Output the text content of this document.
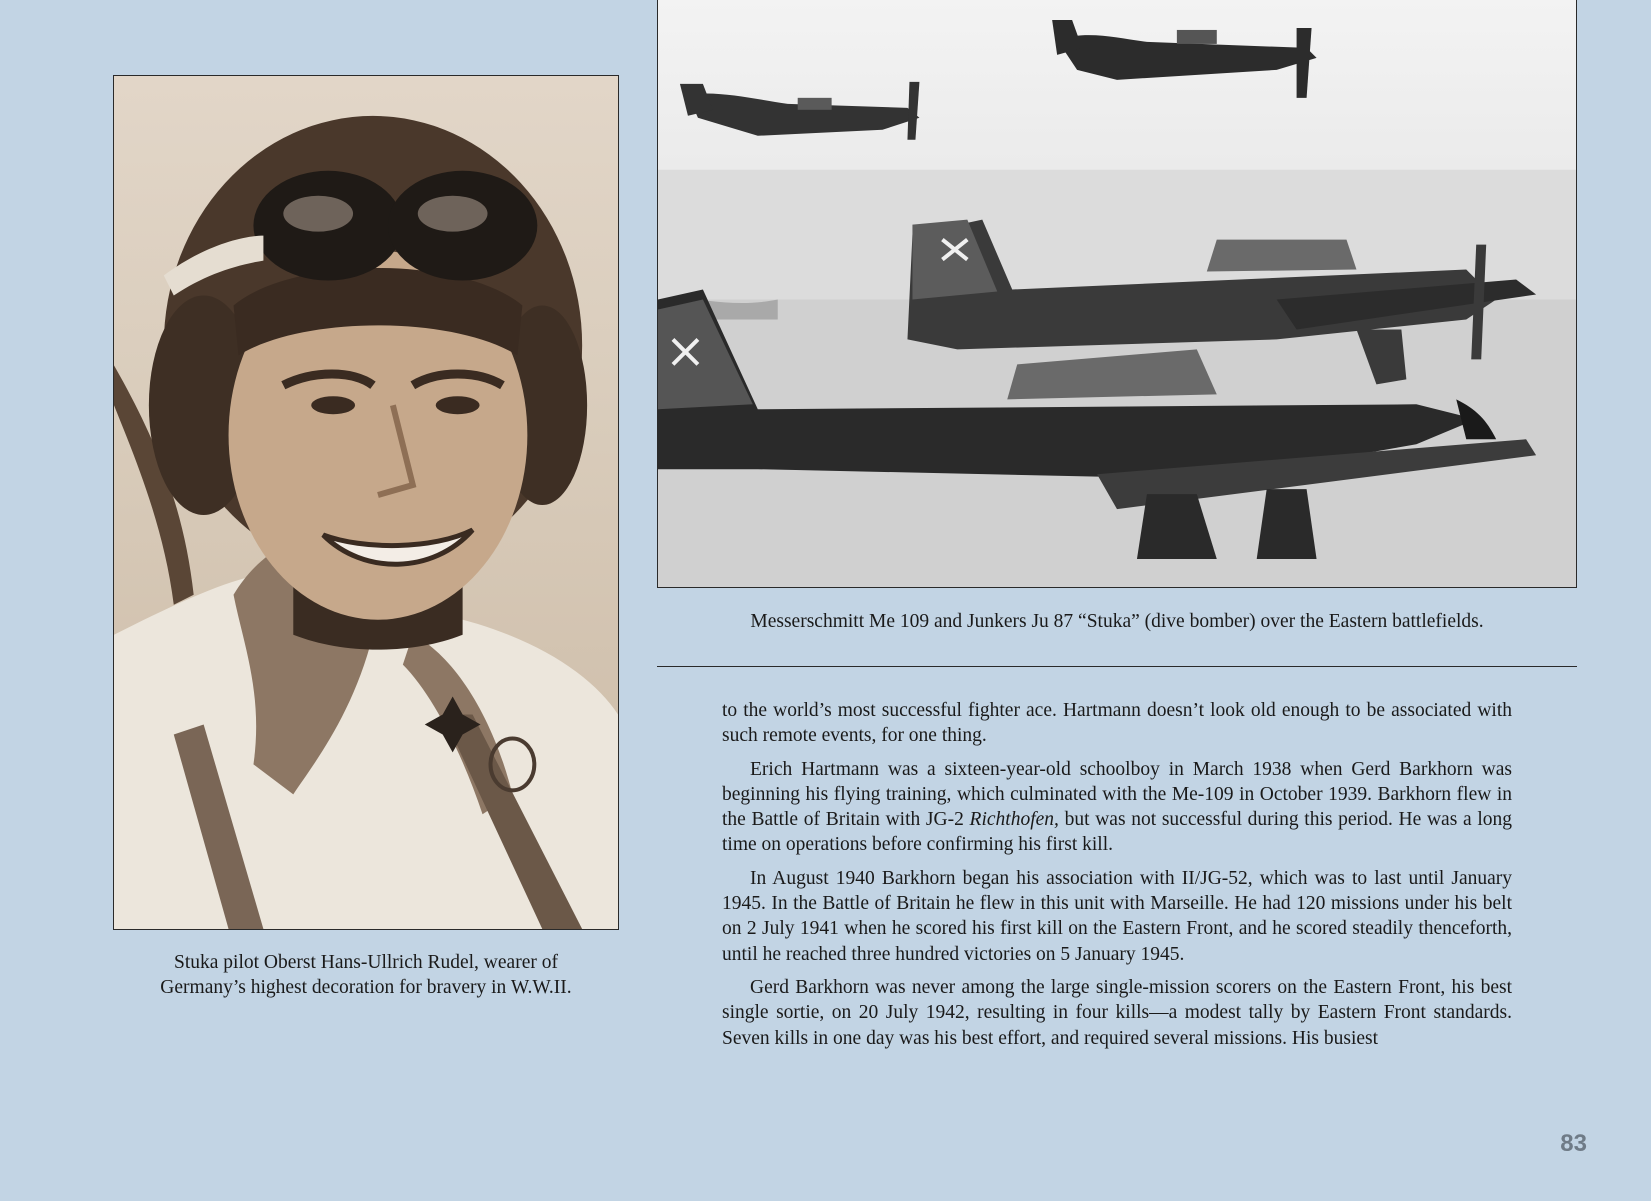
Messerschmitt Me 109 and Junkers Ju 87 “Stuka” (dive bomber) over the Eastern battlefields.
Stuka pilot Oberst Hans-Ullrich Rudel, wearer of
Germany’s highest decoration for bravery in W.W.II.

to the world’s most successful fighter ace. Hartmann doesn’t look old enough to be associated with such remote events, for one thing.

Erich Hartmann was a sixteen-year-old schoolboy in March 1938 when Gerd Barkhorn was beginning his flying training, which culminated with the Me-109 in October 1939. Barkhorn flew in the Battle of Britain with JG-2 Richthofen, but was not successful during this period. He was a long time on operations before confirming his first kill.

In August 1940 Barkhorn began his association with II/JG-52, which was to last until January 1945. In the Battle of Britain he flew in this unit with Marseille. He had 120 missions under his belt on 2 July 1941 when he scored his first kill on the Eastern Front, and he scored steadily thenceforth, until he reached three hundred victories on 5 January 1945.

Gerd Barkhorn was never among the large single-mission scorers on the Eastern Front, his best single sortie, on 20 July 1942, resulting in four kills—a modest tally by Eastern Front standards. Seven kills in one day was his best effort, and required several missions. His busiest

83
